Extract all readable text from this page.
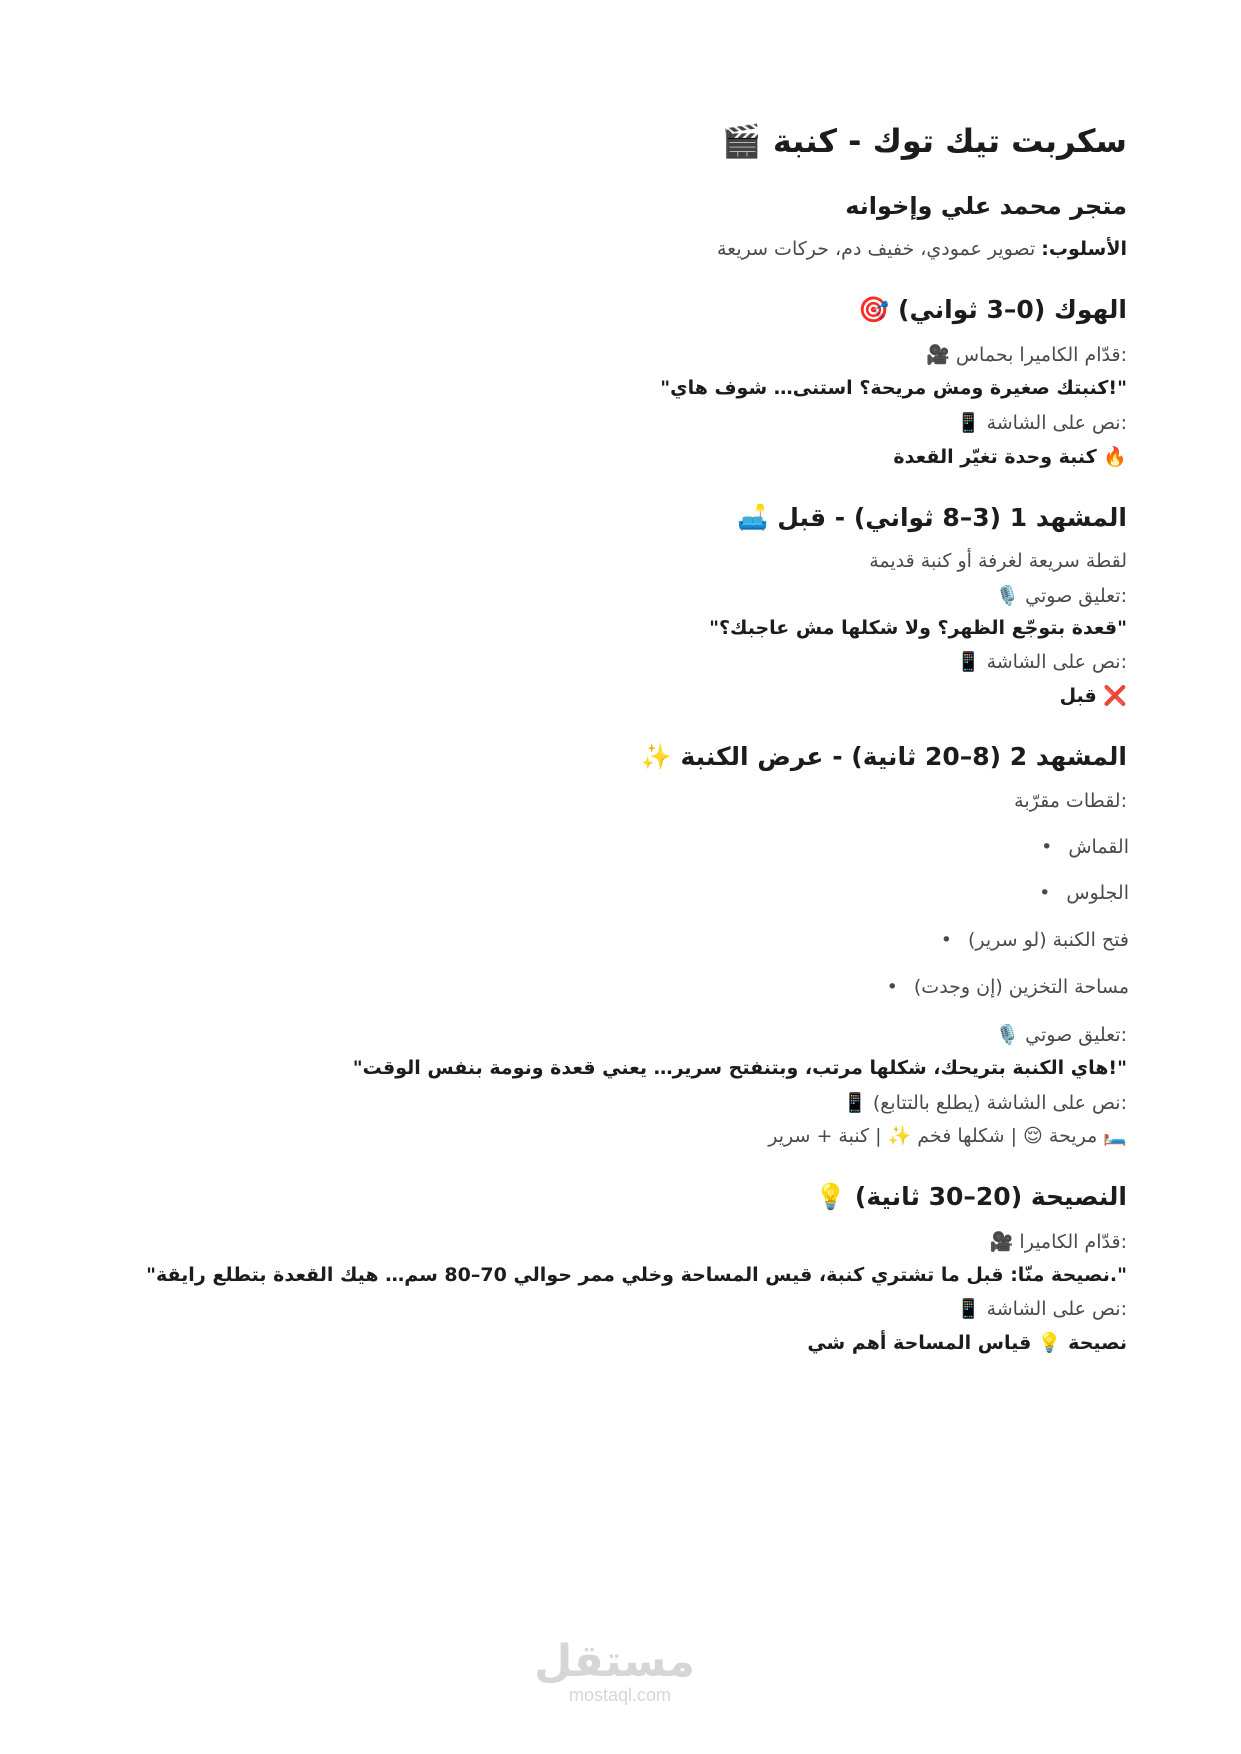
سكربت تيك توك - كنبة 🎬
متجر محمد علي وإخوانه
الأسلوب: تصوير عمودي، خفيف دم، حركات سريعة
الهوك (0–3 ثواني) 🎯
:قدّام الكاميرا بحماس 🎥
"!كنبتك صغيرة ومش مريحة؟ استنى… شوف هاي"
:نص على الشاشة 📱
🔥 كنبة وحدة تغيّر القعدة
المشهد 1 (3–8 ثواني) - قبل 🛋️
لقطة سريعة لغرفة أو كنبة قديمة
:تعليق صوتي 🎙️
"قعدة بتوجّع الظهر؟ ولا شكلها مش عاجبك؟"
:نص على الشاشة 📱
❌ قبل
المشهد 2 (8–20 ثانية) - عرض الكنبة ✨
:لقطات مقرّبة
القماش•
الجلوس•
فتح الكنبة (لو سرير)•
مساحة التخزين (إن وجدت)•
:تعليق صوتي 🎙️
"!هاي الكنبة بتريحك، شكلها مرتب، وبتنفتح سرير… يعني قعدة ونومة بنفس الوقت"
:نص على الشاشة (يطلع بالتتابع) 📱
🛏️ مريحة 😌 | شكلها فخم ✨ | كنبة + سرير
النصيحة (20–30 ثانية) 💡
:قدّام الكاميرا 🎥
".نصيحة منّا: قبل ما تشتري كنبة، قيس المساحة وخلي ممر حوالي 70–80 سم… هيك القعدة بتطلع رايقة"
:نص على الشاشة 📱
نصيحة 💡 قياس المساحة أهم شي
مستقل
mostaql.com
